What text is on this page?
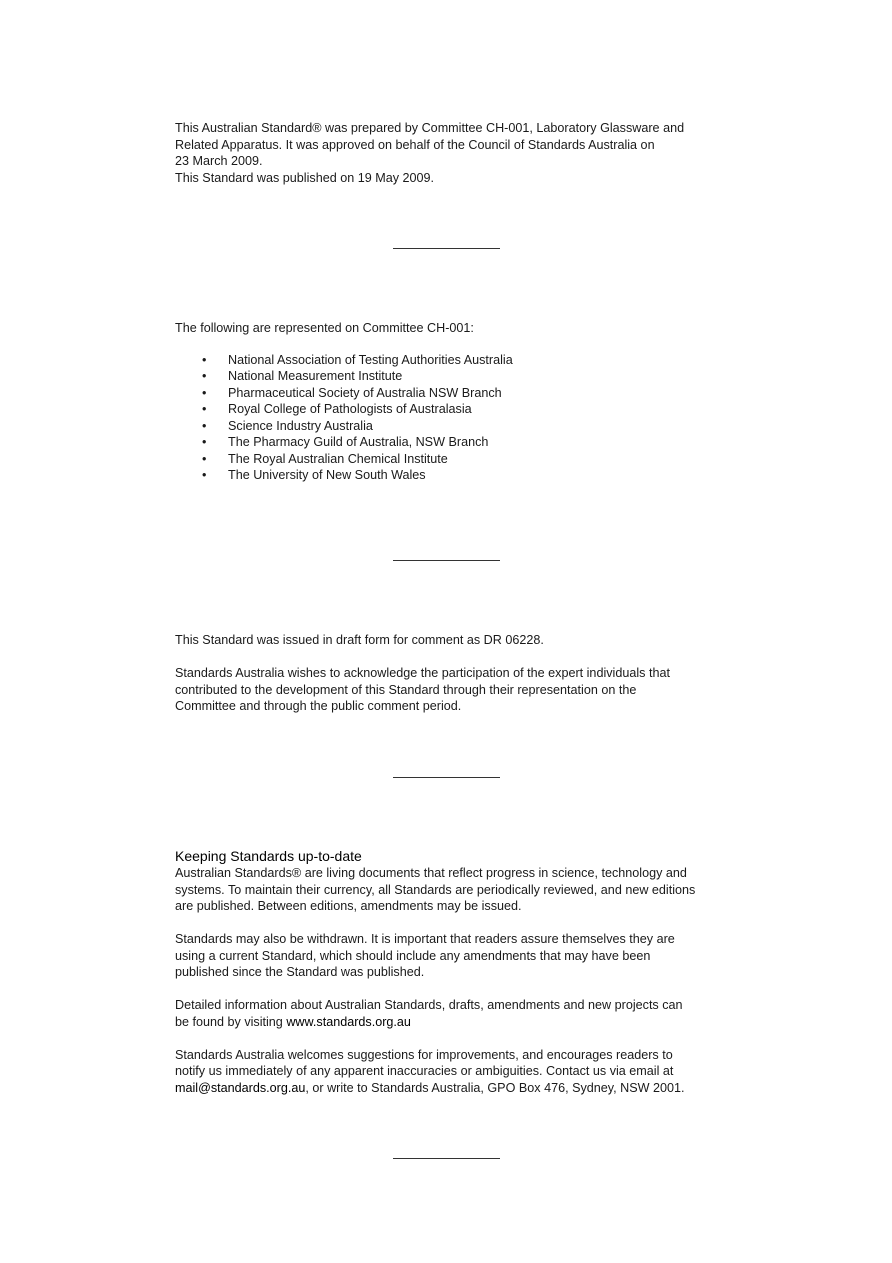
This Australian Standard® was prepared by Committee CH-001, Laboratory Glassware and

Related Apparatus. It was approved on behalf of the Council of Standards Australia on

23 March 2009.

This Standard was published on 19 May 2009.

The following are represented on Committee CH-001:

• National Association of Testing Authorities Australia
• National Measurement Institute
• Pharmaceutical Society of Australia NSW Branch
• Royal College of Pathologists of Australasia
• Science Industry Australia
• The Pharmacy Guild of Australia, NSW Branch
• The Royal Australian Chemical Institute
• The University of New South Wales

This Standard was issued in draft form for comment as DR 06228.

Standards Australia wishes to acknowledge the participation of the expert individuals that

contributed to the development of this Standard through their representation on the

Committee and through the public comment period.

Keeping Standards up-to-date

Australian Standards® are living documents that reflect progress in science, technology and

systems. To maintain their currency, all Standards are periodically reviewed, and new editions

are published. Between editions, amendments may be issued.

Standards may also be withdrawn. It is important that readers assure themselves they are

using a current Standard, which should include any amendments that may have been

published since the Standard was published.

Detailed information about Australian Standards, drafts, amendments and new projects can

be found by visiting www.standards.org.au

Standards Australia welcomes suggestions for improvements, and encourages readers to

notify us immediately of any apparent inaccuracies or ambiguities. Contact us via email at

mail@standards.org.au, or write to Standards Australia, GPO Box 476, Sydney, NSW 2001.
